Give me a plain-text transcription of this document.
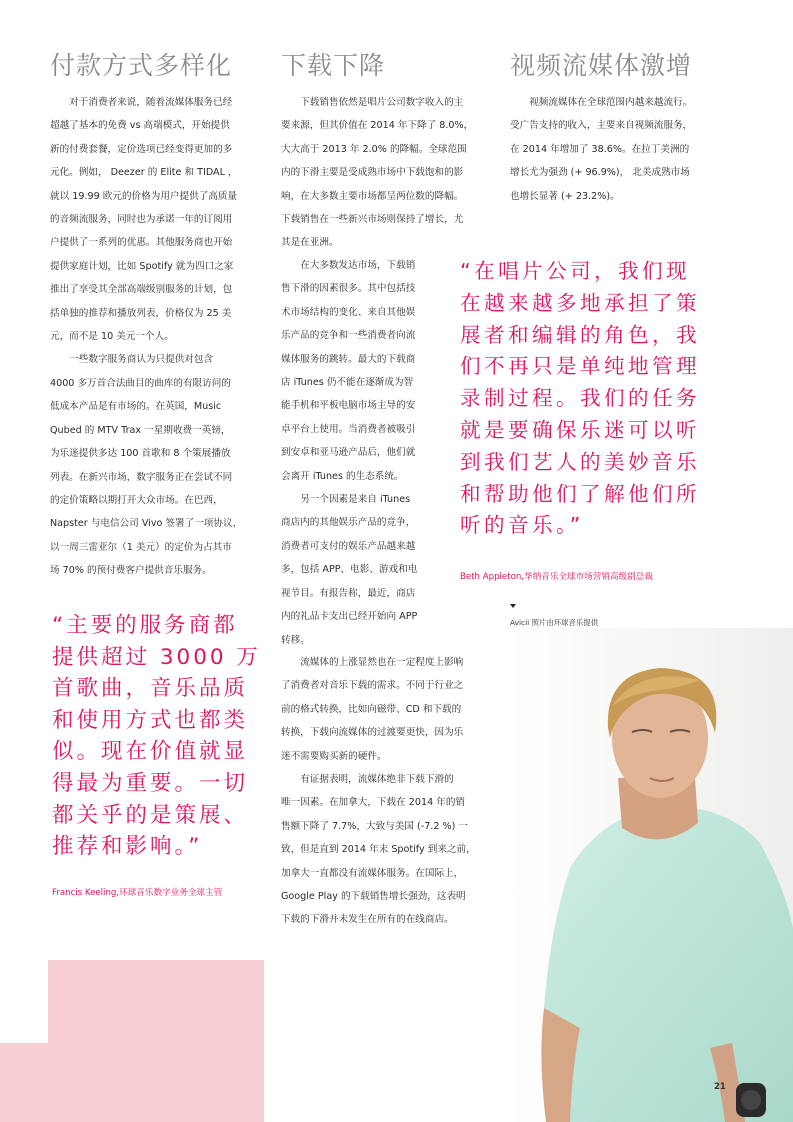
付款方式多样化 下载下降	视频流媒体激增

对于消费者来说，随着流媒体服务已经
超越了基本的免费 vs 高端模式，开始提供
新的付费套餐，定价选项已经变得更加的多
元化。例如， Deezer 的 Elite 和 TIDAL ，
就以 19.99 欧元的价格为用户提供了高质量
的音频流服务，同时也为承诺一年的订阅用
户提供了一系列的优惠。其他服务商也开始
提供家庭计划，比如 Spotify 就为四口之家
推出了享受其全部高端级别服务的计划，包
括单独的推荐和播放列表，价格仅为 25 美
元，而不是 10 美元一个人。

一些数字服务商认为只提供对包含
4000 多万首合法曲目的曲库的有限访问的
低成本产品是有市场的。在英国，Music
Qubed 的 MTV Trax 一星期收费一英镑，
为乐迷提供多达 100 首歌和 8 个策展播放
列表。在新兴市场，数字服务正在尝试不同
的定价策略以期打开大众市场。在巴西，
Napster 与电信公司 Vivo 签署了一项协议，
以一周三雷亚尔（1 美元）的定价为占其市
场 70% 的预付费客户提供音乐服务。

下载销售依然是唱片公司数字收入的主
要来源，但其价值在 2014 年下降了 8.0%，
大大高于 2013 年 2.0% 的降幅。全球范围
内的下滑主要是受成熟市场中下载饱和的影
响，在大多数主要市场都呈两位数的降幅。
下载销售在一些新兴市场则保持了增长，尤
其是在亚洲。

在大多数发达市场，下载销
售下滑的因素很多。其中包括技
术市场结构的变化、来自其他娱
乐产品的竞争和一些消费者向流
媒体服务的跳转。最大的下载商
店 iTunes 仍不能在逐渐成为智
能手机和平板电脑市场主导的安
卓平台上使用。当消费者被吸引
到安卓和亚马逊产品后，他们就
会离开 iTunes 的生态系统。

另一个因素是来自 iTunes
商店内的其他娱乐产品的竞争，
消费者可支付的娱乐产品越来越
多，包括 APP、电影、游戏和电
视节目。有报告称，最近，商店
内的礼品卡支出已经开始向 APP
转移。

流媒体的上涨显然也在一定程度上影响
了消费者对音乐下载的需求。不同于行业之
前的格式转换，比如向磁带、CD 和下载的
转换，下载向流媒体的过渡要更快，因为乐
迷不需要购买新的硬件。

有证据表明，流媒体绝非下载下滑的
唯一因素。在加拿大，下载在 2014 年的销
售额下降了 7.7%，大致与美国 (-7.2 %) 一
致，但是直到 2014 年末 Spotify 到来之前，
加拿大一直都没有流媒体服务。在国际上，
Google Play 的下载销售增长强劲，这表明
下载的下滑并未发生在所有的在线商店。

视频流媒体在全球范围内越来越流行。
受广告支持的收入，主要来自视频流服务，
在 2014 年增加了 38.6%。在拉丁美洲的
增长尤为强劲 (+ 96.9%)， 北美成熟市场
也增长显著 (+ 23.2%)。

“主要的服务商都
提供超过 3000 万
首歌曲，音乐品质
和使用方式也都类
似。现在价值就显
得最为重要。一切
都关乎的是策展、
推荐和影响。”
Francis Keeling,环球音乐数字业务全球主管
“在唱片公司，我们现
在越来越多地承担了策
展者和编辑的角色，我
们不再只是单纯地管理
录制过程。我们的任务
就是要确保乐迷可以听
到我们艺人的美妙音乐
和帮助他们了解他们所
听的音乐。”
Beth Appleton,华纳音乐全球市场营销高级副总裁
Avicii 照片由环球音乐提供
21
